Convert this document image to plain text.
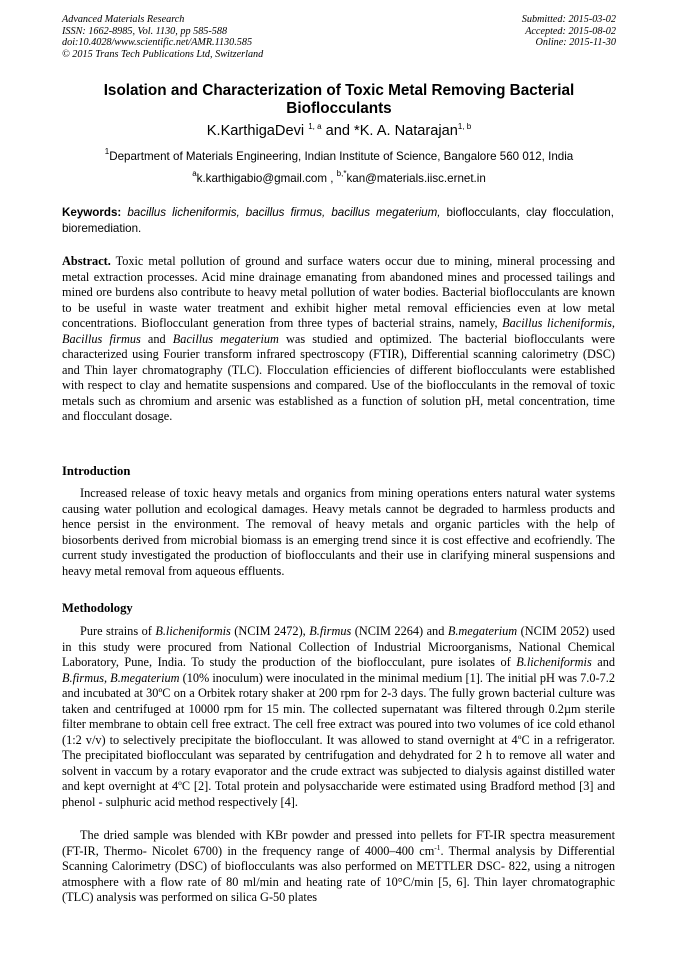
Advanced Materials Research
ISSN: 1662-8985, Vol. 1130, pp 585-588
doi:10.4028/www.scientific.net/AMR.1130.585
© 2015 Trans Tech Publications Ltd, Switzerland
Submitted: 2015-03-02
Accepted: 2015-08-02
Online: 2015-11-30
Isolation and Characterization of Toxic Metal Removing Bacterial
Bioflocculants
K.KarthigaDevi $^{1, a}$ and *K. A. Natarajan$^{1, b}$
$^1$Department of Materials Engineering, Indian Institute of Science, Bangalore 560 012, India
$^a$k.karthigabio@gmail.com , $^{b,*}$kan@materials.iisc.ernet.in
Keywords: bacillus licheniformis, bacillus firmus, bacillus megaterium, bioflocculants, clay flocculation, bioremediation.
Abstract. Toxic metal pollution of ground and surface waters occur due to mining, mineral processing and metal extraction processes. Acid mine drainage emanating from abandoned mines and processed tailings and mined ore burdens also contribute to heavy metal pollution of water bodies. Bacterial bioflocculants are known to be useful in waste water treatment and exhibit higher metal removal efficiencies even at low metal concentrations. Bioflocculant generation from three types of bacterial strains, namely, Bacillus licheniformis, Bacillus firmus and Bacillus megaterium was studied and optimized. The bacterial bioflocculants were characterized using Fourier transform infrared spectroscopy (FTIR), Differential scanning calorimetry (DSC) and Thin layer chromatography (TLC). Flocculation efficiencies of different bioflocculants were established with respect to clay and hematite suspensions and compared. Use of the bioflocculants in the removal of toxic metals such as chromium and arsenic was established as a function of solution pH, metal concentration, time and flocculant dosage.
Introduction
Increased release of toxic heavy metals and organics from mining operations enters natural water systems causing water pollution and ecological damages. Heavy metals cannot be degraded to harmless products and hence persist in the environment. The removal of heavy metals and organic particles with the help of biosorbents derived from microbial biomass is an emerging trend since it is cost effective and ecofriendly. The current study investigated the production of bioflocculants and their use in clarifying mineral suspensions and heavy metal removal from aqueous effluents.
Methodology
Pure strains of B.licheniformis (NCIM 2472), B.firmus (NCIM 2264) and B.megaterium (NCIM 2052) used in this study were procured from National Collection of Industrial Microorganisms, National Chemical Laboratory, Pune, India. To study the production of the bioflocculant, pure isolates of B.licheniformis and B.firmus, B.megaterium (10% inoculum) were inoculated in the minimal medium [1]. The initial pH was 7.0-7.2 and incubated at 30ºC on a Orbitek rotary shaker at 200 rpm for 2-3 days. The fully grown bacterial culture was taken and centrifuged at 10000 rpm for 15 min. The collected supernatant was filtered through 0.2µm sterile filter membrane to obtain cell free extract. The cell free extract was poured into two volumes of ice cold ethanol (1:2 v/v) to selectively precipitate the bioflocculant. It was allowed to stand overnight at 4$^o$C in a refrigerator. The precipitated bioflocculant was separated by centrifugation and dehydrated for 2 h to remove all water and solvent in vaccum by a rotary evaporator and the crude extract was subjected to dialysis against distilled water and kept overnight at 4$^o$C [2]. Total protein and polysaccharide were estimated using Bradford method [3] and phenol - sulphuric acid method respectively [4].
The dried sample was blended with KBr powder and pressed into pellets for FT-IR spectra measurement (FT-IR, Thermo- Nicolet 6700) in the frequency range of 4000–400 $cm^{-1}$. Thermal analysis by Differential Scanning Calorimetry (DSC) of bioflocculants was also performed on METTLER DSC- 822, using a nitrogen atmosphere with a flow rate of 80 ml/min and heating rate of 10°C/min [5, 6]. Thin layer chromatographic (TLC) analysis was performed on silica G-50 plates
